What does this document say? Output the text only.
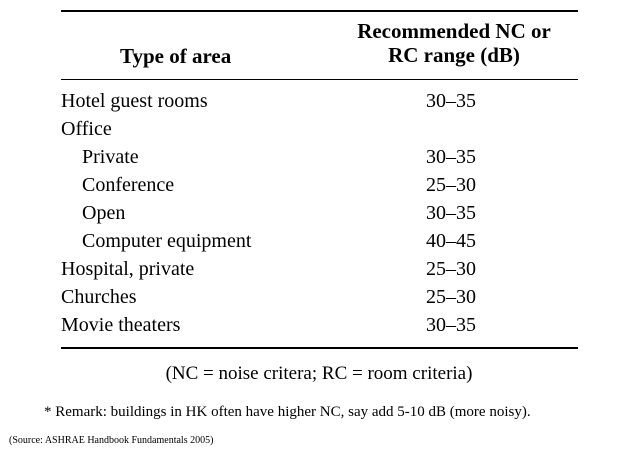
Type of area
Recommended NC or
RC range (dB)
Hotel guest rooms	30–35
Office
Private	30–35
Conference	25–30
Open	30–35
Computer equipment	40–45
Hospital, private	25–30
Churches	25–30
Movie theaters	30–35
(NC = noise critera; RC = room criteria)
* Remark: buildings in HK often have higher NC, say add 5-10 dB (more noisy).
(Source: ASHRAE Handbook Fundamentals 2005)
